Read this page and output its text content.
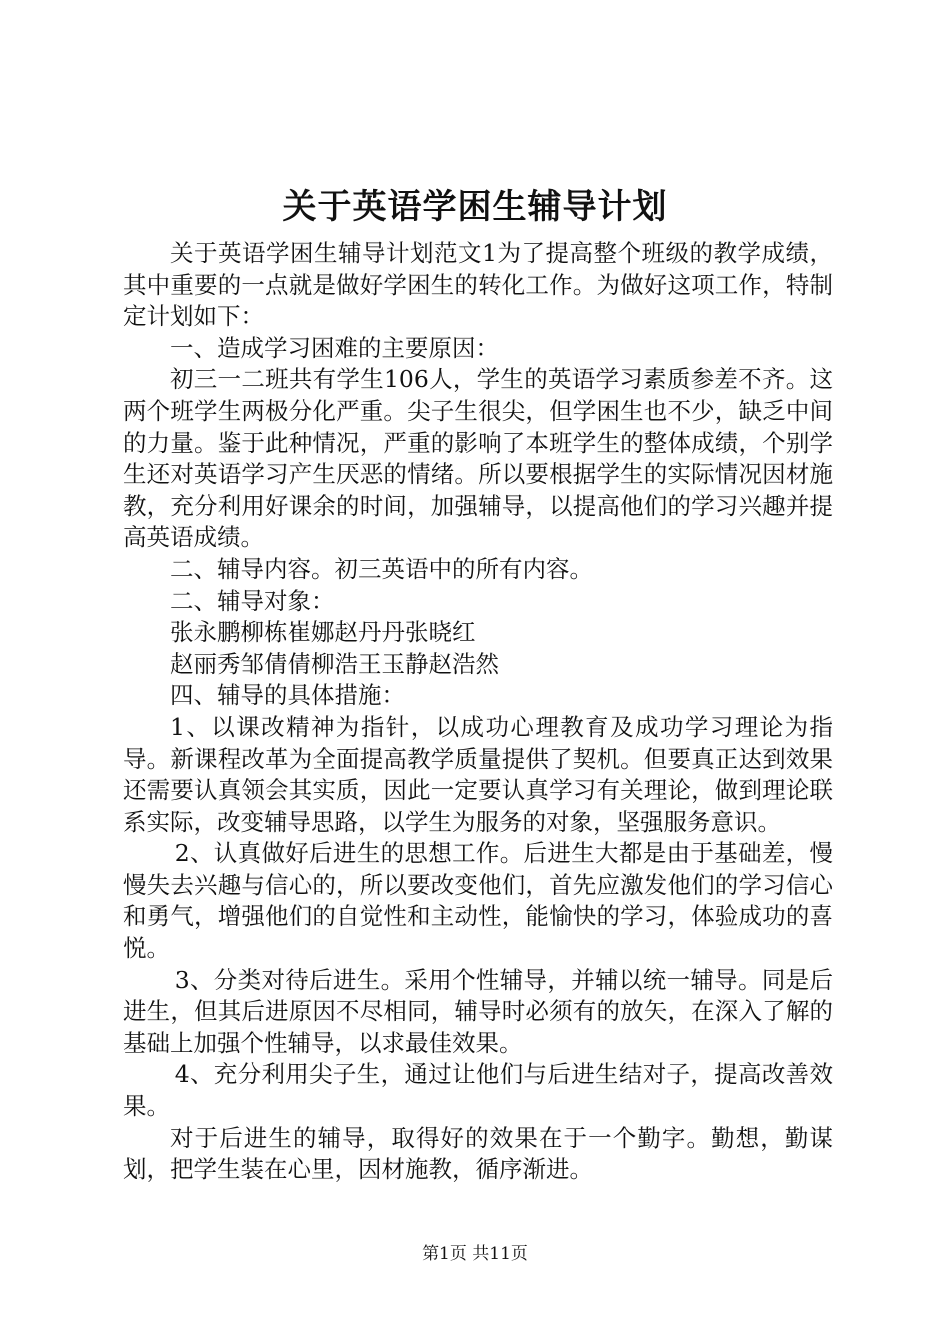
关于英语学困生辅导计划

关于英语学困生辅导计划范文1为了提高整个班级的教学成绩，其中重要的一点就是做好学困生的转化工作。为做好这项工作，特制定计划如下：

一、造成学习困难的主要原因：

初三一二班共有学生106人，学生的英语学习素质参差不齐。这两个班学生两极分化严重。尖子生很尖，但学困生也不少，缺乏中间的力量。鉴于此种情况，严重的影响了本班学生的整体成绩，个别学生还对英语学习产生厌恶的情绪。所以要根据学生的实际情况因材施教，充分利用好课余的时间，加强辅导，以提高他们的学习兴趣并提高英语成绩。

二、辅导内容。初三英语中的所有内容。

二、辅导对象：

张永鹏柳栋崔娜赵丹丹张晓红

赵丽秀邹倩倩柳浩王玉静赵浩然

四、辅导的具体措施：

1、以课改精神为指针，以成功心理教育及成功学习理论为指导。新课程改革为全面提高教学质量提供了契机。但要真正达到效果还需要认真领会其实质，因此一定要认真学习有关理论，做到理论联系实际，改变辅导思路，以学生为服务的对象，坚强服务意识。

2、认真做好后进生的思想工作。后进生大都是由于基础差，慢慢失去兴趣与信心的，所以要改变他们，首先应激发他们的学习信心和勇气，增强他们的自觉性和主动性，能愉快的学习，体验成功的喜悦。

3、分类对待后进生。采用个性辅导，并辅以统一辅导。同是后进生，但其后进原因不尽相同，辅导时必须有的放矢，在深入了解的基础上加强个性辅导，以求最佳效果。

4、充分利用尖子生，通过让他们与后进生结对子，提高改善效果。

对于后进生的辅导，取得好的效果在于一个勤字。勤想，勤谋划，把学生装在心里，因材施教，循序渐进。

第1页 共11页
